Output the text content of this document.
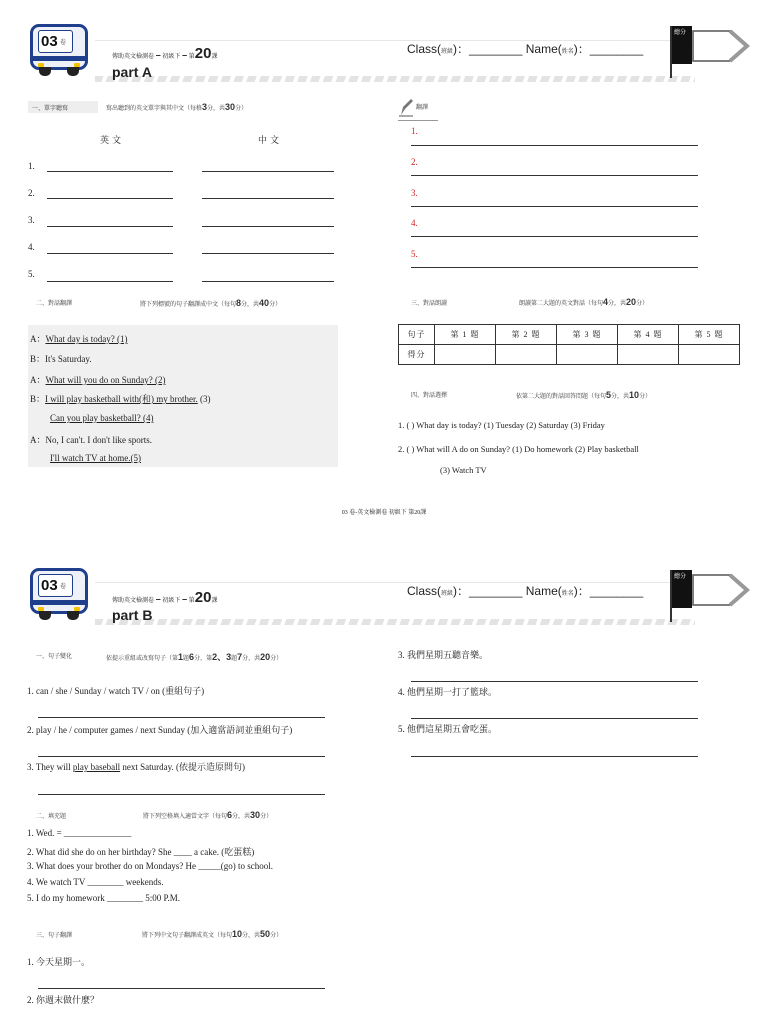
03 卷
傳助英文檢測卷 – 初級下 – 第20課
part A
Class(班級)：________ Name(姓名)：________
總分
一、單字聽寫	寫出聽到的英文單字與其中文（每格3分，共30分）
英文	中文
1.
2.
3.
4.
5.
二、對話翻譯	將下列標號的句子翻譯成中文（每句8分，共40分）
A：What day is today? (1)
B：It's Saturday.
A：What will you do on Sunday? (2)
B：I will play basketball with(和) my brother. (3)
Can you play basketball? (4)
A：No, I can't. I don't like sports.
I'll watch TV at home.(5)
翻譯
1.
2.
3.
4.
5.
三、對話朗讀	朗讀第二大題的英文對話（每句4分，共20分）
句子	第 1 題	第 2 題	第 3 題	第 4 題	第 5 題
得分					
四、對話選擇	依第二大題的對話回答問題（每句5分，共10分）
1. ( ) What day is today? (1) Tuesday (2) Saturday (3) Friday
2. ( ) What will A do on Sunday? (1) Do homework (2) Play basketball
(3) Watch TV
03 卷-英文檢測卷 初級下 第20課
03 卷
傳助英文檢測卷 – 初級下 – 第20課
part B
Class(班級)：________ Name(姓名)：________
總分
一、句子變化	依提示重組或改寫句子（第1題6分，第2、3題7分，共20分）
1. can / she / Sunday / watch TV / on (重組句子)
2. play / he / computer games / next Sunday (加入適當語詞並重組句子)
3. They will play baseball next Saturday. (依提示造原問句)
二、填充題	將下列空格填入適當文字（每句6分，共30分）
1. Wed. = _______________
2. What did she do on her birthday? She ____ a cake. (吃蛋糕)
3. What does your brother do on Mondays? He _____(go) to school.
4. We watch TV ________ weekends.
5. I do my homework ________ 5:00 P.M.
三、句子翻譯	將下列中文句子翻譯成英文（每句10分，共50分）
1. 今天星期一。
2. 你週末做什麼？
3. 我們星期五聽音樂。
4. 他們星期一打了籃球。
5. 他們這星期五會吃蛋。
